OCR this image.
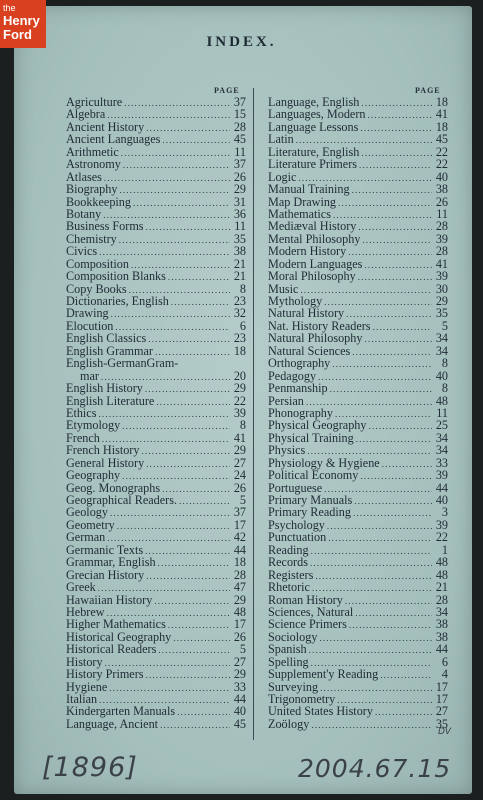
the
Henry
Ford	INDEX.
PAGE	PAGE
Agriculture .....	37
Algebra .....	15
Ancient History .....	28
Ancient Languages .....	45
Arithmetic .....	11
Astronomy .....	37
Atlases .....	26
Biography .....	29
Bookkeeping .....	31
Botany .....	36
Business Forms .....	11
Chemistry .....	35
Civics .....	38
Composition .....	21
Composition Blanks .....	21
Copy Books .....	8
Dictionaries, English .....	23
Drawing .....	32
Elocution .....	6
English Classics .....	23
English Grammar .....	18
English-GermanGram-
mar .....	20
English History .....	29
English Literature .....	22
Ethics .....	39
Etymology .....	8
French .....	41
French History .....	29
General History .....	27
Geography .....	24
Geog. Monographs .....	26
Geographical Readers. .....	5
Geology .....	37
Geometry .....	17
German .....	42
Germanic Texts .....	44
Grammar, English .....	18
Grecian History .....	28
Greek .....	47
Hawaiian History .....	29
Hebrew .....	48
Higher Mathematics .....	17
Historical Geography .....	26
Historical Readers .....	5
History .....	27
History Primers .....	29
Hygiene .....	33
Italian .....	44
Kindergarten Manuals .....	40
Language, Ancient .....	45
Language, English .....	18
Languages, Modern .....	41
Language Lessons .....	18
Latin .....	45
Literature, English .....	22
Literature Primers .....	22
Logic .....	40
Manual Training .....	38
Map Drawing .....	26
Mathematics .....	11
Mediæval History .....	28
Mental Philosophy .....	39
Modern History .....	28
Modern Languages .....	41
Moral Philosophy .....	39
Music .....	30
Mythology .....	29
Natural History .....	35
Nat. History Readers .....	5
Natural Philosophy .....	34
Natural Sciences .....	34
Orthography .....	8
Pedagogy .....	40
Penmanship .....	8
Persian .....	48
Phonography .....	11
Physical Geography .....	25
Physical Training .....	34
Physics .....	34
Physiology & Hygiene .....	33
Political Economy .....	39
Portuguese .....	44
Primary Manuals .....	40
Primary Reading .....	3
Psychology .....	39
Punctuation .....	22
Reading .....	1
Records .....	48
Registers .....	48
Rhetoric .....	21
Roman History .....	28
Sciences, Natural .....	34
Science Primers .....	38
Sociology .....	38
Spanish .....	44
Spelling .....	6
Supplement'y Reading .....	4
Surveying .....	17
Trigonometry .....	17
United States History .....	27
Zoölogy .....	35
[1896]	2004.67.15
DV
